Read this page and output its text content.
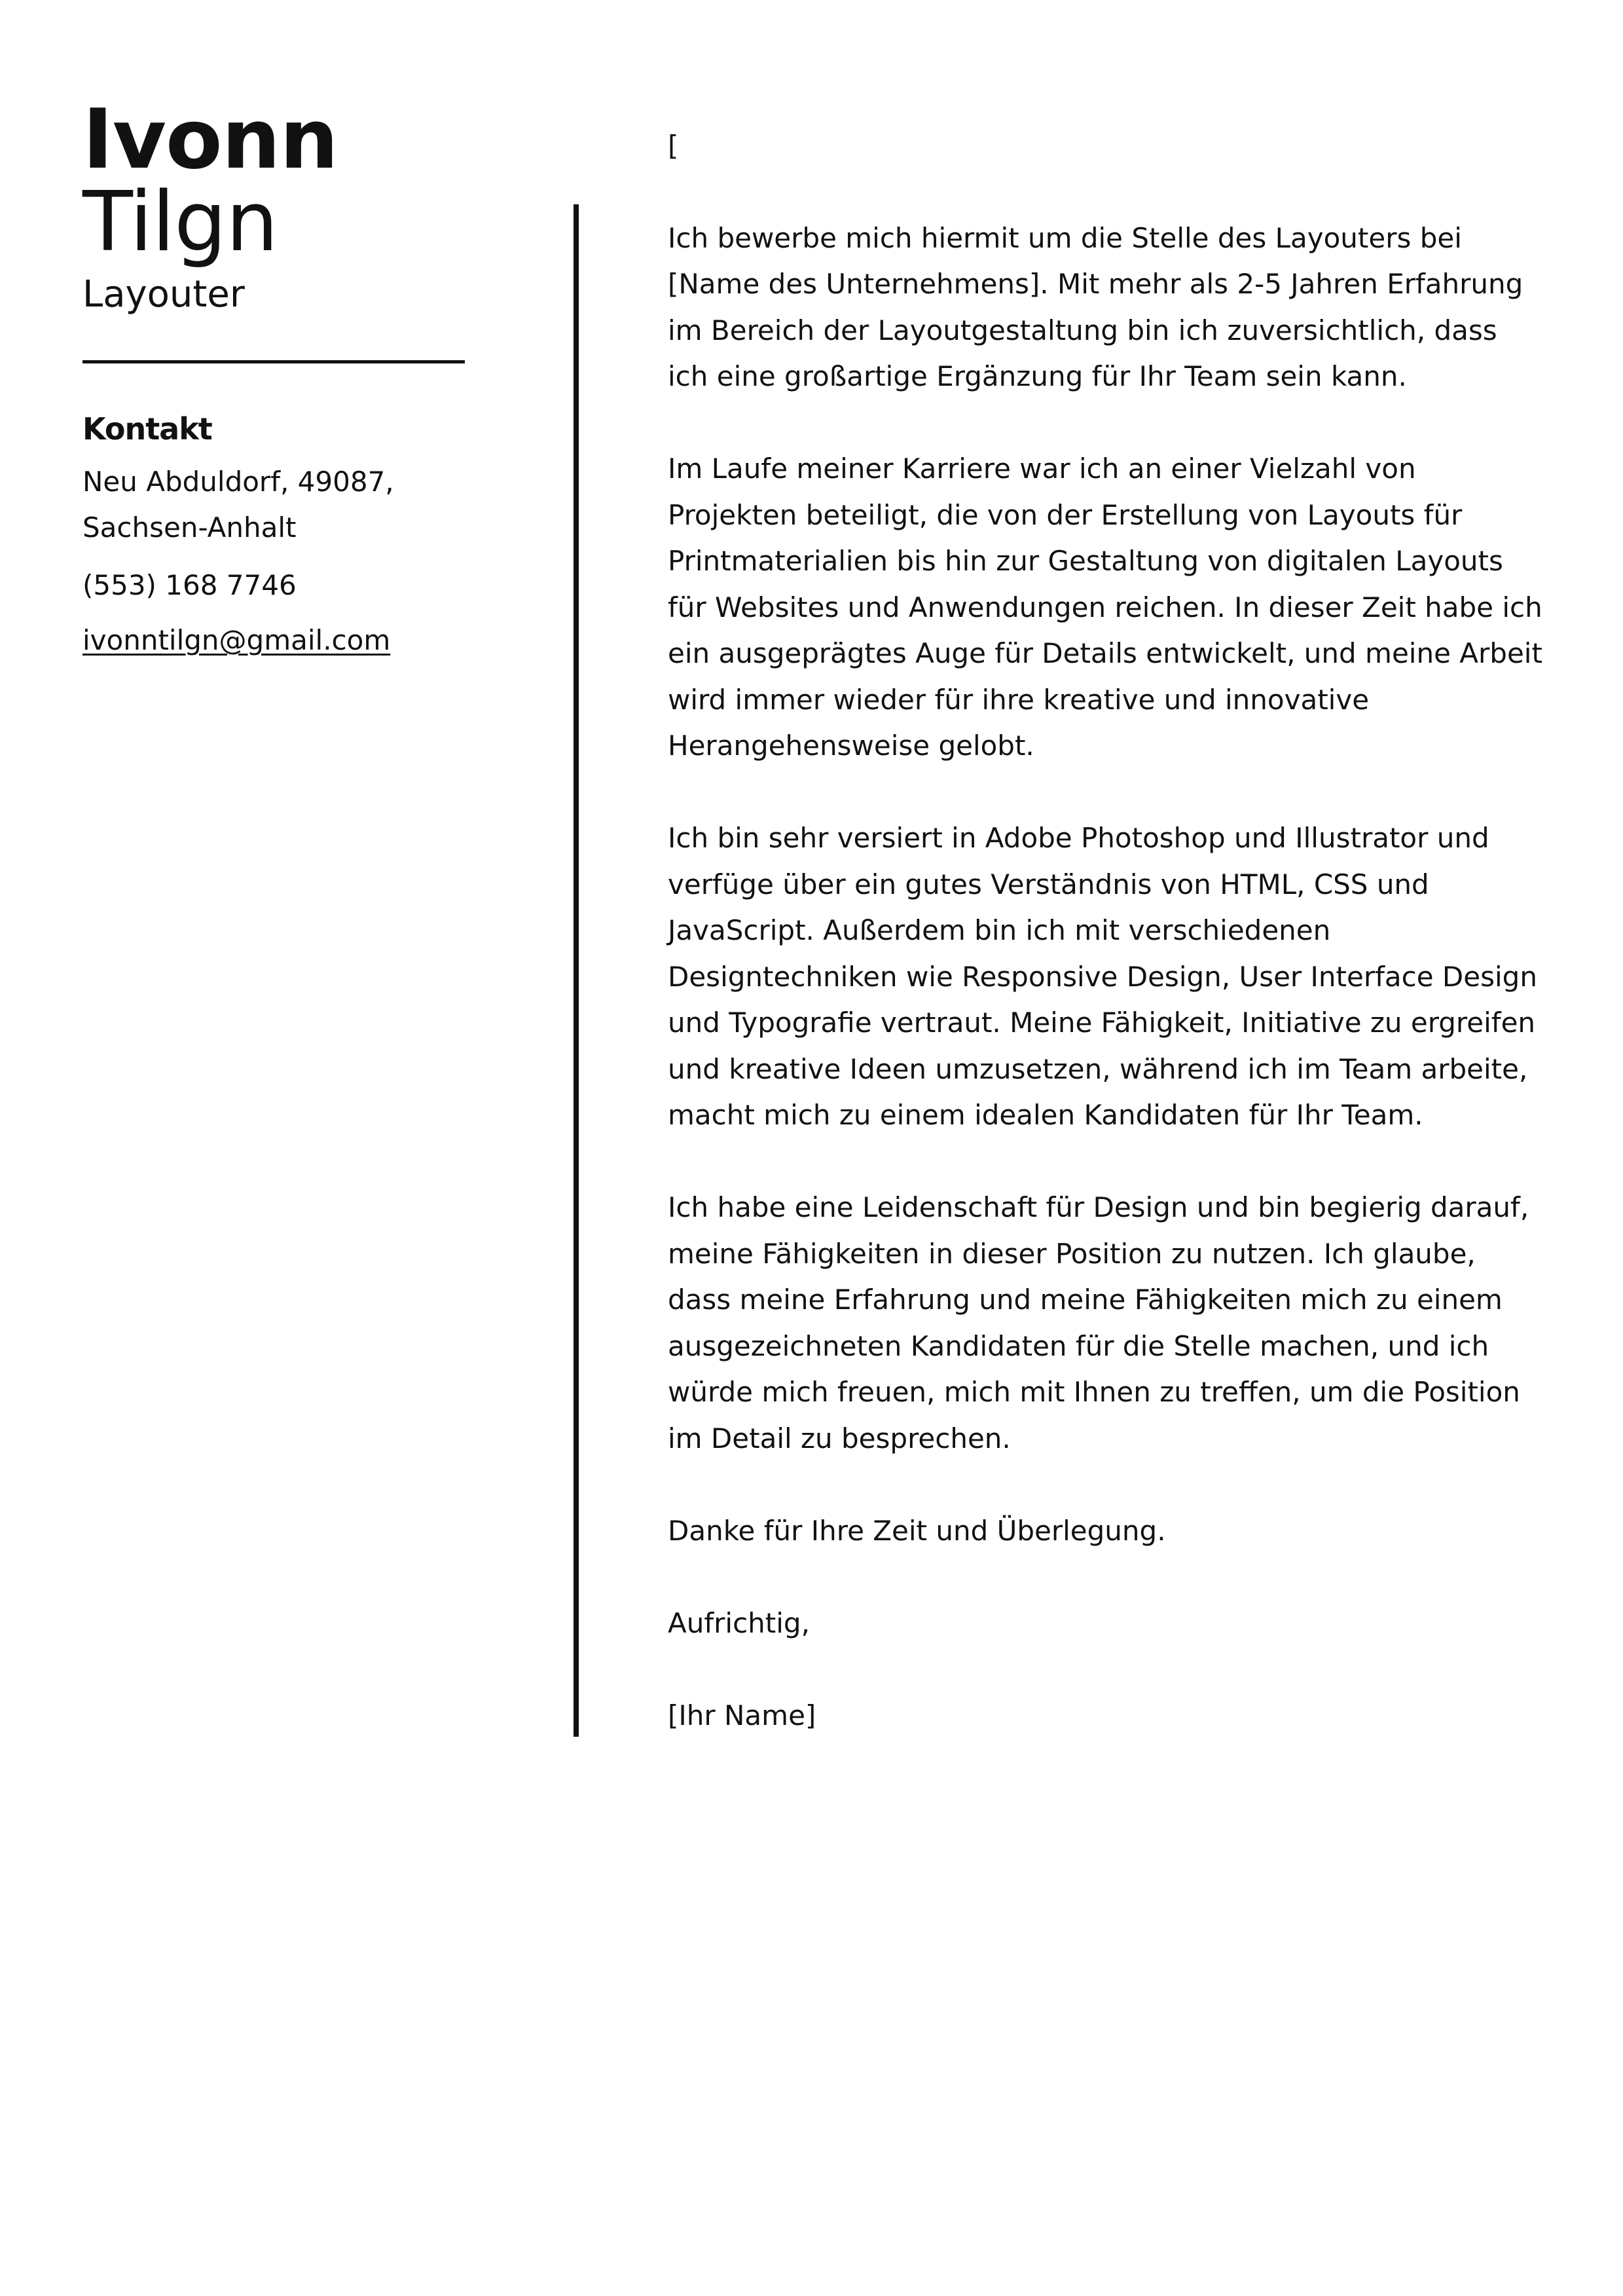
Ivonn
Tilgn
Layouter
Kontakt
Neu Abduldorf, 49087,
Sachsen-Anhalt
(553) 168 7746
ivonntilgn@gmail.com

[

Ich bewerbe mich hiermit um die Stelle des Layouters bei [Name des Unternehmens]. Mit mehr als 2-5 Jahren Erfahrung im Bereich der Layoutgestaltung bin ich zuversichtlich, dass ich eine großartige Ergänzung für Ihr Team sein kann.

Im Laufe meiner Karriere war ich an einer Vielzahl von Projekten beteiligt, die von der Erstellung von Layouts für Printmaterialien bis hin zur Gestaltung von digitalen Layouts für Websites und Anwendungen reichen. In dieser Zeit habe ich ein ausgeprägtes Auge für Details entwickelt, und meine Arbeit wird immer wieder für ihre kreative und innovative Herangehensweise gelobt.

Ich bin sehr versiert in Adobe Photoshop und Illustrator und verfüge über ein gutes Verständnis von HTML, CSS und JavaScript. Außerdem bin ich mit verschiedenen Designtechniken wie Responsive Design, User Interface Design und Typografie vertraut. Meine Fähigkeit, Initiative zu ergreifen und kreative Ideen umzusetzen, während ich im Team arbeite, macht mich zu einem idealen Kandidaten für Ihr Team.

Ich habe eine Leidenschaft für Design und bin begierig darauf, meine Fähigkeiten in dieser Position zu nutzen. Ich glaube, dass meine Erfahrung und meine Fähigkeiten mich zu einem ausgezeichneten Kandidaten für die Stelle machen, und ich würde mich freuen, mich mit Ihnen zu treffen, um die Position im Detail zu besprechen.

Danke für Ihre Zeit und Überlegung.

Aufrichtig,

[Ihr Name]
